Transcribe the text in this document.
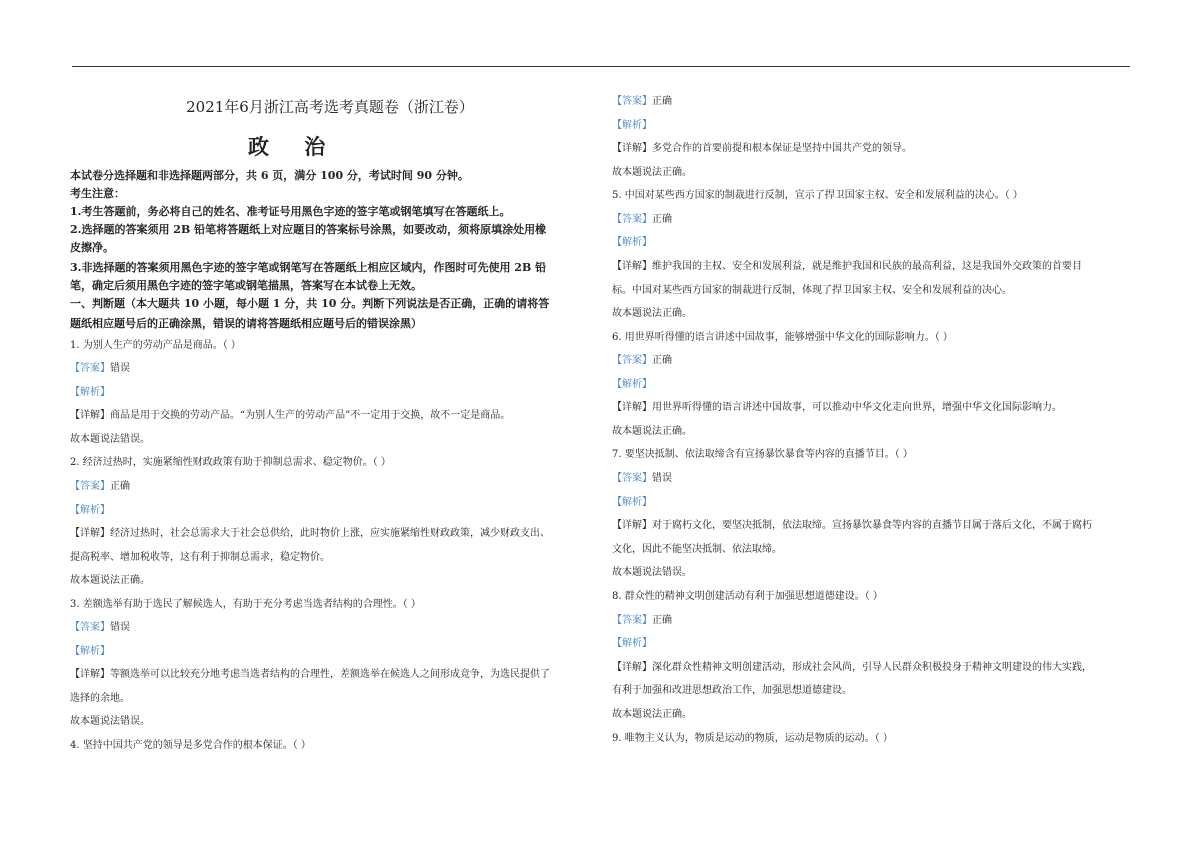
2021年6月浙江高考选考真题卷（浙江卷）
政 治
本试卷分选择题和非选择题两部分，共 6 页，满分 100 分，考试时间 90 分钟。
考生注意：
1.考生答题前，务必将自己的姓名、准考证号用黑色字迹的签字笔或钢笔填写在答题纸上。
2.选择题的答案须用 2B 铅笔将答题纸上对应题目的答案标号涂黑，如要改动，须将原填涂处用橡
皮擦净。
3.非选择题的答案须用黑色字迹的签字笔或钢笔写在答题纸上相应区域内，作图时可先使用 2B 铅
笔，确定后须用黑色字迹的签字笔或钢笔描黑，答案写在本试卷上无效。
一、判断题（本大题共 10 小题，每小题 1 分，共 10 分。判断下列说法是否正确，正确的请将答
题纸相应题号后的正确涂黑，错误的请将答题纸相应题号后的错误涂黑）
1. 为别人生产的劳动产品是商品。（ ）
【答案】错误
【解析】
【详解】商品是用于交换的劳动产品。“为别人生产的劳动产品”不一定用于交换，故不一定是商品。
故本题说法错误。
2. 经济过热时，实施紧缩性财政政策有助于抑制总需求、稳定物价。（ ）
【答案】正确
【解析】
【详解】经济过热时，社会总需求大于社会总供给，此时物价上涨，应实施紧缩性财政政策，减少财政支出、
提高税率、增加税收等，这有利于抑制总需求，稳定物价。
故本题说法正确。
3. 差额选举有助于选民了解候选人，有助于充分考虑当选者结构的合理性。（ ）
【答案】错误
【解析】
【详解】等额选举可以比较充分地考虑当选者结构的合理性，差额选举在候选人之间形成竞争，为选民提供了
选择的余地。
故本题说法错误。
4. 坚持中国共产党的领导是多党合作的根本保证。（ ）
【答案】正确
【解析】
【详解】多党合作的首要前提和根本保证是坚持中国共产党的领导。
故本题说法正确。
5. 中国对某些西方国家的制裁进行反制，宣示了捍卫国家主权、安全和发展利益的决心。（ ）
【答案】正确
【解析】
【详解】维护我国的主权、安全和发展利益，就是维护我国和民族的最高利益，这是我国外交政策的首要目
标。中国对某些西方国家的制裁进行反制，体现了捍卫国家主权、安全和发展利益的决心。
故本题说法正确。
6. 用世界听得懂的语言讲述中国故事，能够增强中华文化的国际影响力。（ ）
【答案】正确
【解析】
【详解】用世界听得懂的语言讲述中国故事，可以推动中华文化走向世界，增强中华文化国际影响力。
故本题说法正确。
7. 要坚决抵制、依法取缔含有宣扬暴饮暴食等内容的直播节目。（ ）
【答案】错误
【解析】
【详解】对于腐朽文化，要坚决抵制，依法取缔。宣扬暴饮暴食等内容的直播节目属于落后文化，不属于腐朽
文化，因此不能坚决抵制、依法取缔。
故本题说法错误。
8. 群众性的精神文明创建活动有利于加强思想道德建设。（ ）
【答案】正确
【解析】
【详解】深化群众性精神文明创建活动，形成社会风尚，引导人民群众积极投身于精神文明建设的伟大实践，
有利于加强和改进思想政治工作，加强思想道德建设。
故本题说法正确。
9. 唯物主义认为，物质是运动的物质，运动是物质的运动。（ ）
